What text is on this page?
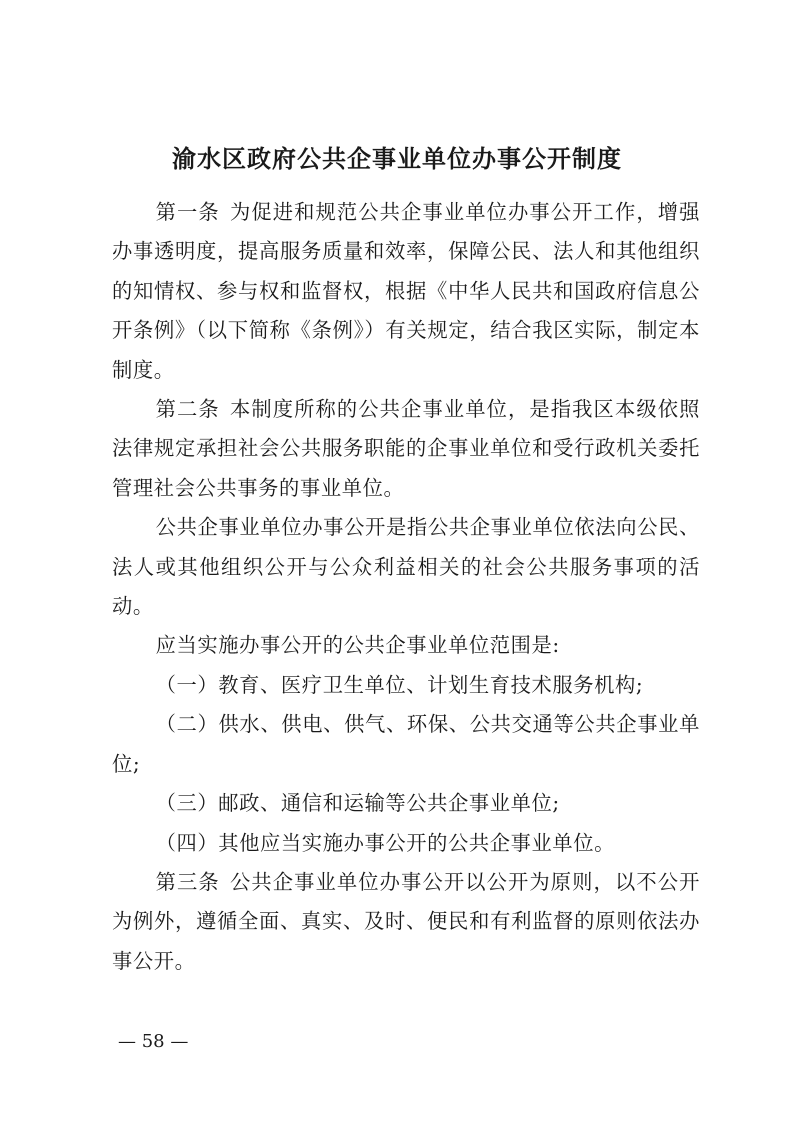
渝水区政府公共企事业单位办事公开制度

第一条 为促进和规范公共企事业单位办事公开工作，增强办事透明度，提高服务质量和效率，保障公民、法人和其他组织的知情权、参与权和监督权，根据《中华人民共和国政府信息公开条例》（以下简称《条例》）有关规定，结合我区实际，制定本制度。

第二条 本制度所称的公共企事业单位，是指我区本级依照法律规定承担社会公共服务职能的企事业单位和受行政机关委托管理社会公共事务的事业单位。

公共企事业单位办事公开是指公共企事业单位依法向公民、法人或其他组织公开与公众利益相关的社会公共服务事项的活动。

应当实施办事公开的公共企事业单位范围是:

（一）教育、医疗卫生单位、计划生育技术服务机构;

（二）供水、供电、供气、环保、公共交通等公共企事业单位;

（三）邮政、通信和运输等公共企事业单位;

（四）其他应当实施办事公开的公共企事业单位。

第三条 公共企事业单位办事公开以公开为原则，以不公开为例外，遵循全面、真实、及时、便民和有利监督的原则依法办事公开。

— 58 —
